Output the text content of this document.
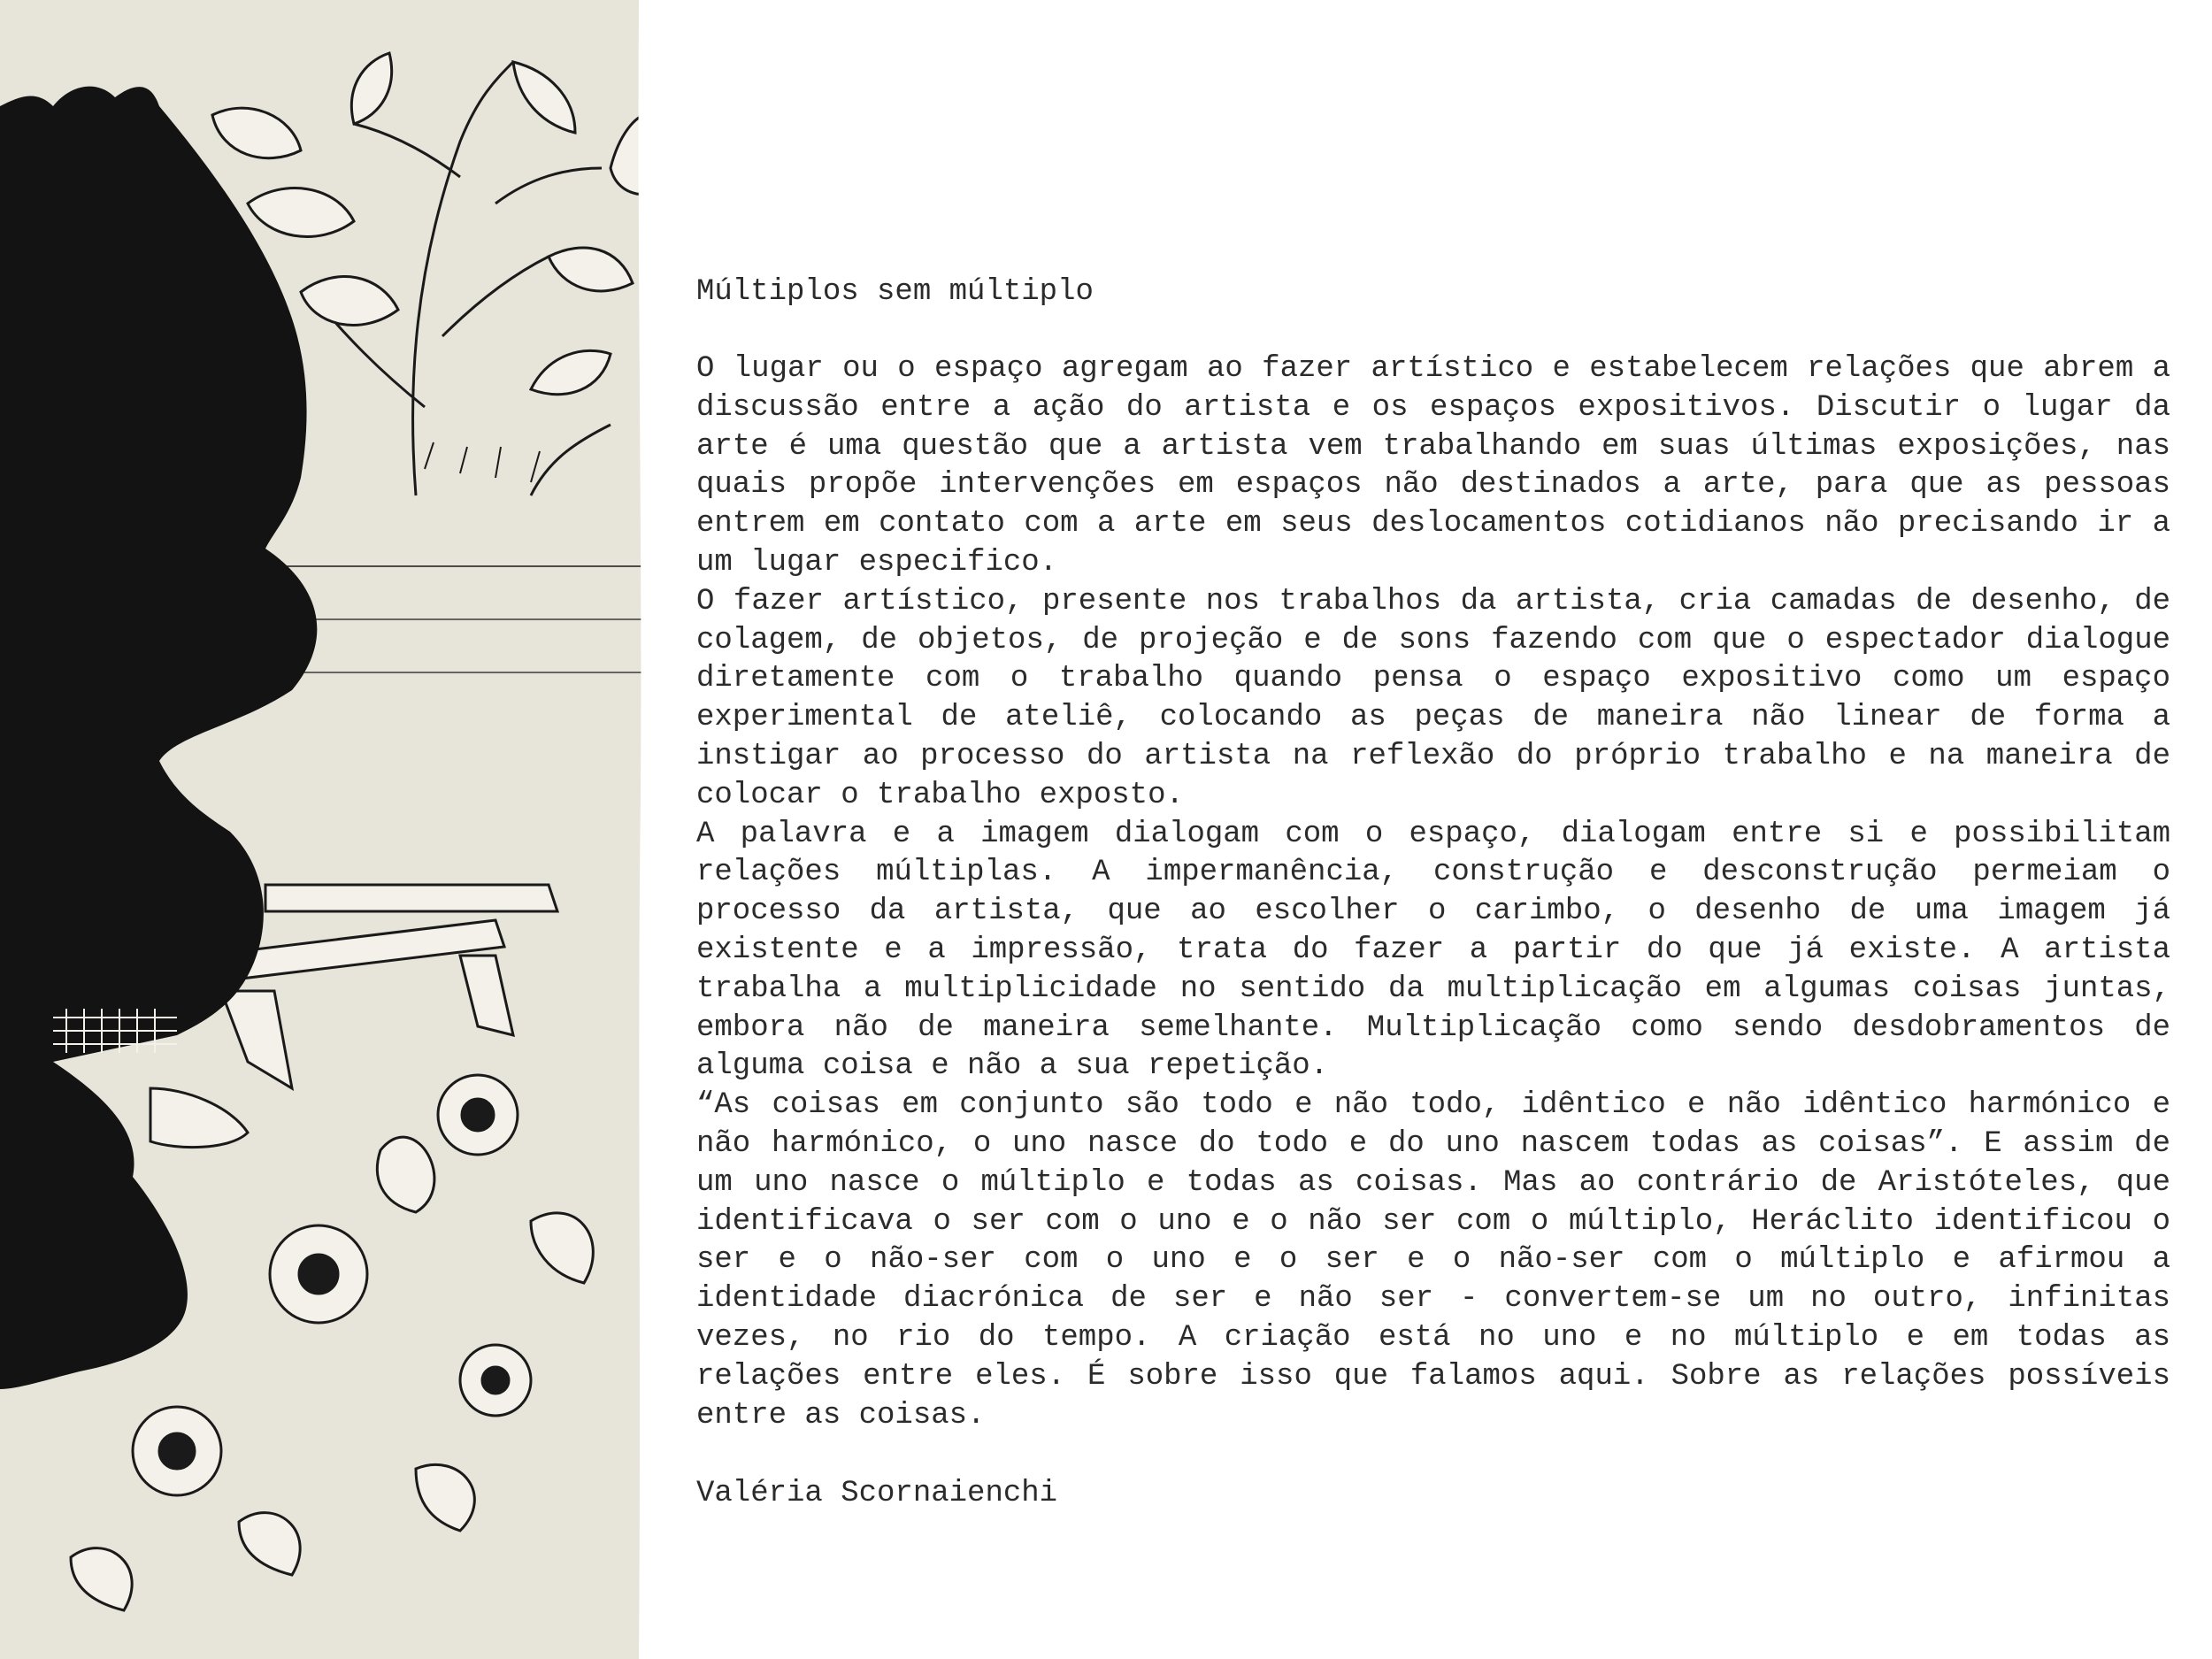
Múltiplos sem múltiplo

O lugar ou o espaço agregam ao fazer artístico e estabelecem relações que abrem a discussão entre a ação do artista e os espaços expositivos. Discutir o lugar da arte é uma questão que a artista vem trabalhando em suas últimas exposições, nas quais propõe intervenções em espaços não destinados a arte, para que as pessoas entrem em contato com a arte em seus deslocamentos cotidianos não precisando ir a um lugar especifico.

O fazer artístico, presente nos trabalhos da artista, cria camadas de desenho, de colagem, de objetos, de projeção e de sons fazendo com que o espectador dialogue diretamente com o trabalho quando pensa o espaço expositivo como um espaço experimental de ateliê, colocando as peças de maneira não linear de forma a instigar ao processo do artista na reflexão do próprio trabalho e na maneira de colocar o trabalho exposto.

A palavra e a imagem dialogam com o espaço, dialogam entre si e possibilitam relações múltiplas. A impermanência, construção e desconstrução permeiam o processo da artista, que ao escolher o carimbo, o desenho de uma imagem já existente e a impressão, trata do fazer a partir do que já existe. A artista trabalha a multiplicidade no sentido da multiplicação em algumas coisas juntas, embora não de maneira semelhante. Multiplicação como sendo desdobramentos de alguma coisa e não a sua repetição.

“As coisas em conjunto são todo e não todo, idêntico e não idêntico harmónico e não harmónico, o uno nasce do todo e do uno nascem todas as coisas”. E assim de um uno nasce o múltiplo e todas as coisas. Mas ao contrário de Aristóteles, que identificava o ser com o uno e o não ser com o múltiplo, Heráclito identificou o ser e o não-ser com o uno e o ser e o não-ser com o múltiplo e afirmou a identidade diacrónica de ser e não ser - convertem-se um no outro, infinitas vezes, no rio do tempo. A criação está no uno e no múltiplo e em todas as relações entre eles. É sobre isso que falamos aqui. Sobre as relações possíveis entre as coisas.

Valéria Scornaienchi
